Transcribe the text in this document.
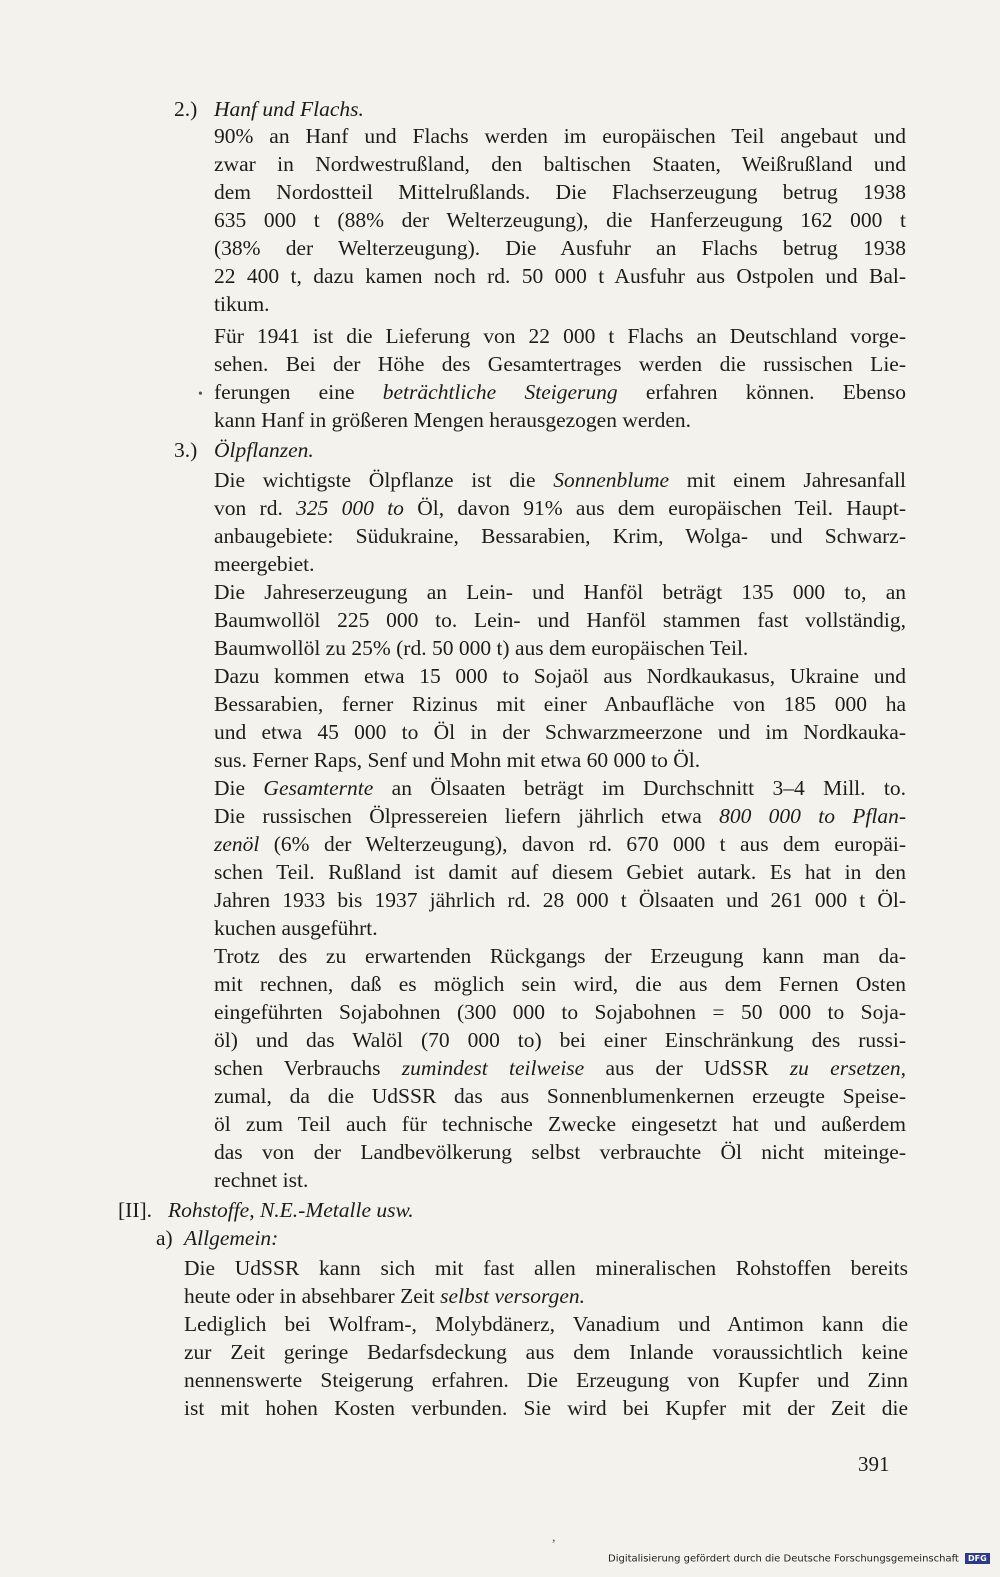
2.) Hanf und Flachs.
90% an Hanf und Flachs werden im europäischen Teil angebaut und
zwar in Nordwestrußland, den baltischen Staaten, Weißrußland und
dem Nordostteil Mittelrußlands. Die Flachserzeugung betrug 1938
635 000 t (88% der Welterzeugung), die Hanferzeugung 162 000 t
(38% der Welterzeugung). Die Ausfuhr an Flachs betrug 1938
22 400 t, dazu kamen noch rd. 50 000 t Ausfuhr aus Ostpolen und Bal-
tikum.
Für 1941 ist die Lieferung von 22 000 t Flachs an Deutschland vorge-
sehen. Bei der Höhe des Gesamtertrages werden die russischen Lie-
• ferungen eine beträchtliche Steigerung erfahren können. Ebenso
kann Hanf in größeren Mengen herausgezogen werden.
3.) Ölpflanzen.
Die wichtigste Ölpflanze ist die Sonnenblume mit einem Jahresanfall
von rd. 325 000 to Öl, davon 91% aus dem europäischen Teil. Haupt-
anbaugebiete: Südukraine, Bessarabien, Krim, Wolga- und Schwarz-
meergebiet.
Die Jahreserzeugung an Lein- und Hanföl beträgt 135 000 to, an
Baumwollöl 225 000 to. Lein- und Hanföl stammen fast vollständig,
Baumwollöl zu 25% (rd. 50 000 t) aus dem europäischen Teil.
Dazu kommen etwa 15 000 to Sojaöl aus Nordkaukasus, Ukraine und
Bessarabien, ferner Rizinus mit einer Anbaufläche von 185 000 ha
und etwa 45 000 to Öl in der Schwarzmeerzone und im Nordkauka-
sus. Ferner Raps, Senf und Mohn mit etwa 60 000 to Öl.
Die Gesamternte an Ölsaaten beträgt im Durchschnitt 3–4 Mill. to.
Die russischen Ölpressereien liefern jährlich etwa 800 000 to Pflan-
zenöl (6% der Welterzeugung), davon rd. 670 000 t aus dem europäi-
schen Teil. Rußland ist damit auf diesem Gebiet autark. Es hat in den
Jahren 1933 bis 1937 jährlich rd. 28 000 t Ölsaaten und 261 000 t Öl-
kuchen ausgeführt.
Trotz des zu erwartenden Rückgangs der Erzeugung kann man da-
mit rechnen, daß es möglich sein wird, die aus dem Fernen Osten
eingeführten Sojabohnen (300 000 to Sojabohnen = 50 000 to Soja-
öl) und das Walöl (70 000 to) bei einer Einschränkung des russi-
schen Verbrauchs zumindest teilweise aus der UdSSR zu ersetzen,
zumal, da die UdSSR das aus Sonnenblumenkernen erzeugte Speise-
öl zum Teil auch für technische Zwecke eingesetzt hat und außerdem
das von der Landbevölkerung selbst verbrauchte Öl nicht miteinge-
rechnet ist.
[II]. Rohstoffe, N.E.-Metalle usw.
a) Allgemein:
Die UdSSR kann sich mit fast allen mineralischen Rohstoffen bereits
heute oder in absehbarer Zeit selbst versorgen.
Lediglich bei Wolfram-, Molybdänerz, Vanadium und Antimon kann die
zur Zeit geringe Bedarfsdeckung aus dem Inlande voraussichtlich keine
nennenswerte Steigerung erfahren. Die Erzeugung von Kupfer und Zinn
ist mit hohen Kosten verbunden. Sie wird bei Kupfer mit der Zeit die
391
,
Digitalisierung gefördert durch die Deutsche Forschungsgemeinschaft DFG
